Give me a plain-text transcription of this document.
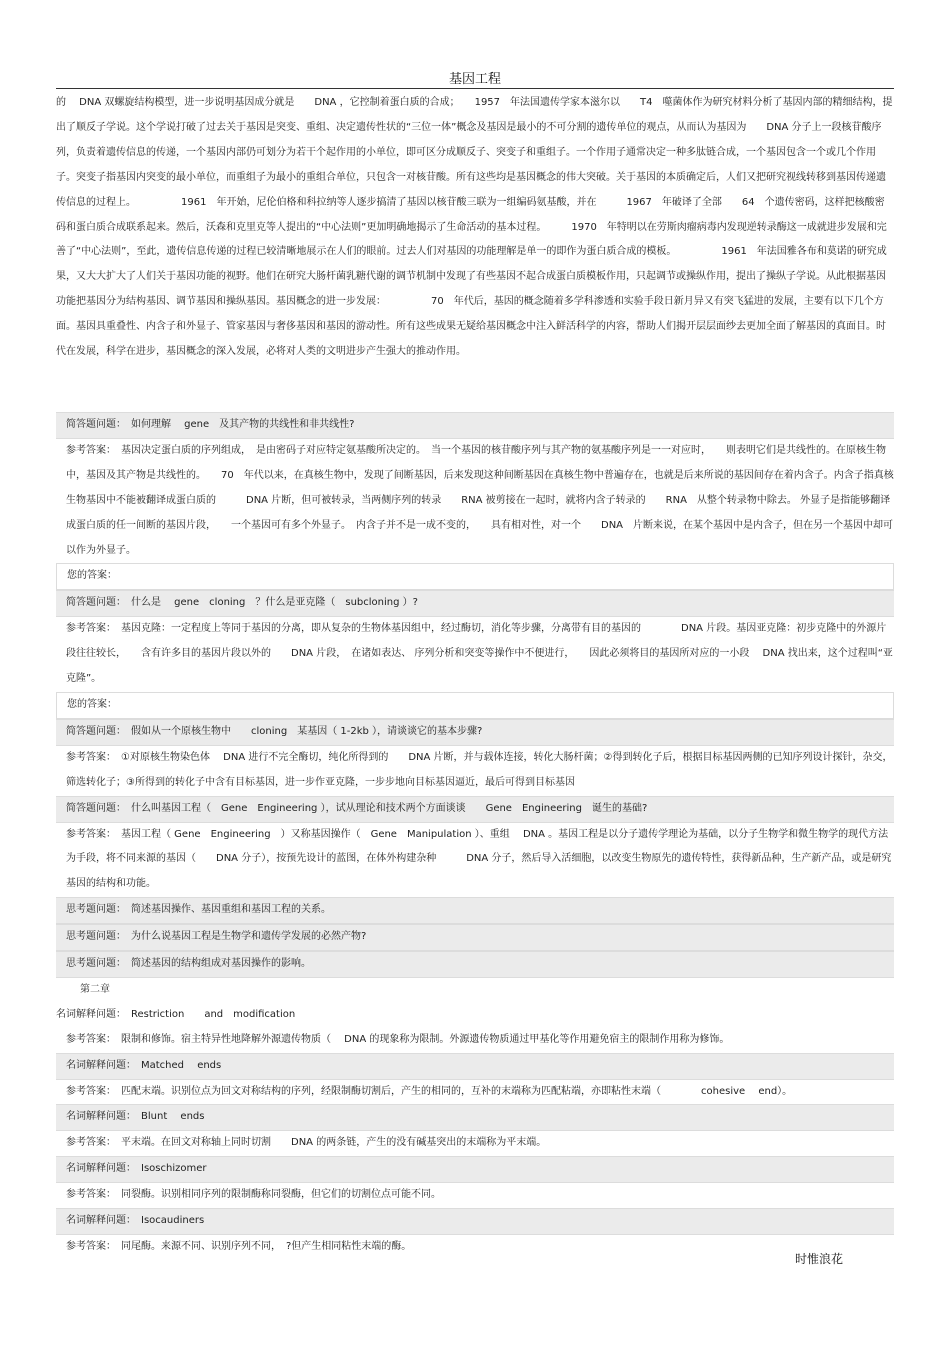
基因工程

的　 DNA 双螺旋结构模型，进一步说明基因成分就是　　DNA ，它控制着蛋白质的合成；　　1957　年法国遗传学家本滋尔以　　T4　噬菌体作为研究材料分析了基因内部的精细结构，提出了顺反子学说。这个学说打破了过去关于基因是突变、重组、决定遗传性状的“三位一体”概念及基因是最小的不可分割的遗传单位的观点，从而认为基因为　　DNA 分子上一段核苷酸序列，负责着遗传信息的传递，一个基因内部仍可划分为若干个起作用的小单位，即可区分成顺反子、突变子和重组子。一个作用子通常决定一种多肽链合成，一个基因包含一个或几个作用子。突变子指基因内突变的最小单位，而重组子为最小的重组合单位，只包含一对核苷酸。所有这些均是基因概念的伟大突破。关于基因的本质确定后，人们又把研究视线转移到基因传递遗传信息的过程上。　　　　　1961　年开始，尼伦伯格和科拉纳等人逐步搞清了基因以核苷酸三联为一组编码氨基酸，并在　　　1967　年破译了全部　　64　个遗传密码，这样把核酸密码和蛋白质合成联系起来。然后，沃森和克里克等人提出的“中心法则”更加明确地揭示了生命活动的基本过程。　　　1970　年特明以在劳斯肉瘤病毒内发现逆转录酶这一成就进步发展和完善了“中心法则”，至此，遗传信息传递的过程已较清晰地展示在人们的眼前。过去人们对基因的功能理解是单一的即作为蛋白质合成的模板。　　　　　1961　年法国雅各布和莫诺的研究成果，又大大扩大了人们关于基因功能的视野。他们在研究大肠杆菌乳糖代谢的调节机制中发现了有些基因不起合成蛋白质模板作用，只起调节或操纵作用，提出了操纵子学说。从此根据基因功能把基因分为结构基因、调节基因和操纵基因。基因概念的进一步发展：　　　　　70　年代后，基因的概念随着多学科渗透和实验手段日新月异又有突飞猛进的发展，主要有以下几个方面。基因具重叠性、内含子和外显子、管家基因与奢侈基因和基因的游动性。所有这些成果无疑给基因概念中注入鲜活科学的内容，帮助人们揭开层层面纱去更加全面了解基因的真面目。时代在发展，科学在进步，基因概念的深入发展，必将对人类的文明进步产生强大的推动作用。

简答题问题：　如何理解　 gene　及其产物的共线性和非共线性?
参考答案：　基因决定蛋白质的序列组成，　是由密码子对应特定氨基酸所决定的。　当一个基因的核苷酸序列与其产物的氨基酸序列是一一对应时，　　则表明它们是共线性的。在原核生物中，基因及其产物是共线性的。　　70　年代以来，在真核生物中，发现了间断基因，后来发现这种间断基因在真核生物中普遍存在，也就是后来所说的基因间存在着内含子。内含子指真核生物基因中不能被翻译成蛋白质的　　　DNA 片断，但可被转录，当两侧序列的转录　　RNA 被剪接在一起时，就将内含子转录的　　RNA　从整个转录物中除去。 外显子是指能够翻译成蛋白质的任一间断的基因片段，　　一个基因可有多个外显子。　内含子并不是一成不变的，　　具有相对性，对一个　　DNA　片断来说，在某个基因中是内含子，但在另一个基因中却可以作为外显子。
您的答案：
简答题问题：　什么是　 gene　cloning　？什么是亚克隆（　subcloning ）?
参考答案：　基因克隆：一定程度上等同于基因的分离，即从复杂的生物体基因组中，经过酶切，消化等步骤，分离带有目的基因的　　　　DNA 片段。基因亚克隆：初步克隆中的外源片段往往较长，　　含有许多目的基因片段以外的　　DNA 片段，　在诸如表达、 序列分析和突变等操作中不便进行，　　因此必须将目的基因所对应的一小段　 DNA 找出来，这个过程叫“亚克隆”。
您的答案：
简答题问题：　假如从一个原核生物中　　cloning　某基因（ 1-2kb ），请谈谈它的基本步骤?
参考答案：　①对原核生物染色体　 DNA 进行不完全酶切，纯化所得到的　　DNA 片断，并与载体连接，转化大肠杆菌；②得到转化子后，根据目标基因两侧的已知序列设计探针，杂交，筛选转化子；③所得到的转化子中含有目标基因，进一步作亚克隆，一步步地向目标基因逼近，最后可得到目标基因
简答题问题：　什么叫基因工程（　Gene　Engineering ），试从理论和技术两个方面谈谈　　Gene　Engineering　诞生的基础?
参考答案：　基因工程（ Gene　Engineering　）又称基因操作（　Gene　Manipulation ）、重组　 DNA 。基因工程是以分子遗传学理论为基础，以分子生物学和微生物学的现代方法为手段，将不同来源的基因（　　DNA 分子），按预先设计的蓝图，在体外构建杂种　　　DNA 分子，然后导入活细胞，以改变生物原先的遗传特性，获得新品种，生产新产品，或是研究基因的结构和功能。
思考题问题：　简述基因操作、基因重组和基因工程的关系。
思考题问题：　为什么说基因工程是生物学和遗传学发展的必然产物?
思考题问题：　简述基因的结构组成对基因操作的影响。
第二章
名词解释问题：　Restriction　　and　modification
参考答案：　限制和修饰。宿主特异性地降解外源遗传物质（　 DNA 的现象称为限制。外源遗传物质通过甲基化等作用避免宿主的限制作用称为修饰。
名词解释问题：　Matched　 ends
参考答案：　匹配末端。识别位点为回文对称结构的序列，经限制酶切割后，产生的相同的，互补的末端称为匹配粘端，亦即粘性末端（　　　　cohesive　 end）。
名词解释问题：　Blunt　 ends
参考答案：　平末端。在回文对称轴上同时切割　　DNA 的两条链，产生的没有碱基突出的末端称为平末端。
名词解释问题：　Isoschizomer
参考答案：　同裂酶。识别相同序列的限制酶称同裂酶，但它们的切割位点可能不同。
名词解释问题：　Isocaudiners
参考答案：　同尾酶。来源不同、识别序列不同，　?但产生相同粘性末端的酶。
时惟浪花
